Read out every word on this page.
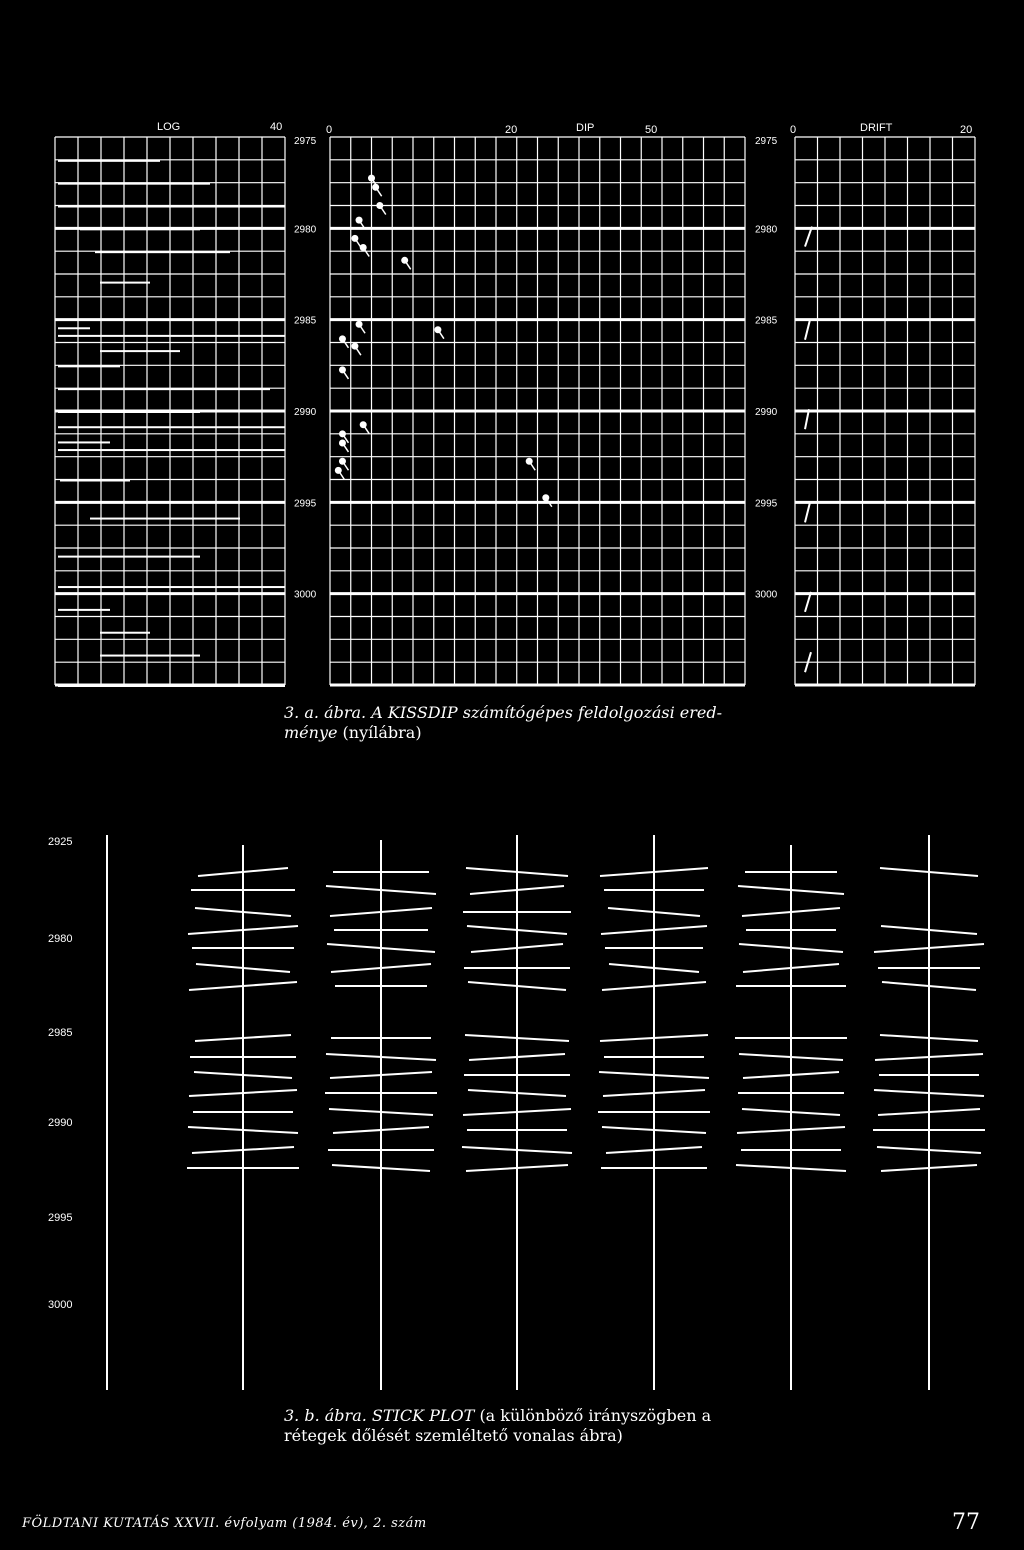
LOG	40	0	20	DIP	50	0	DRIFT	20
2975	2975
2980	2980
2985	2985
2990	2990
2995	2995
3000	3000
2925
2980
2985
2990
2995
3000
3. a. ábra. A KISSDIP számítógépes feldolgozási eredménye (nyílábra)
3. b. ábra. STICK PLOT (a különböző irányszögben a rétegek dőlését szemléltető vonalas ábra)
FÖLDTANI KUTATÁS XXVII. évfolyam (1984. év), 2. szám	77
